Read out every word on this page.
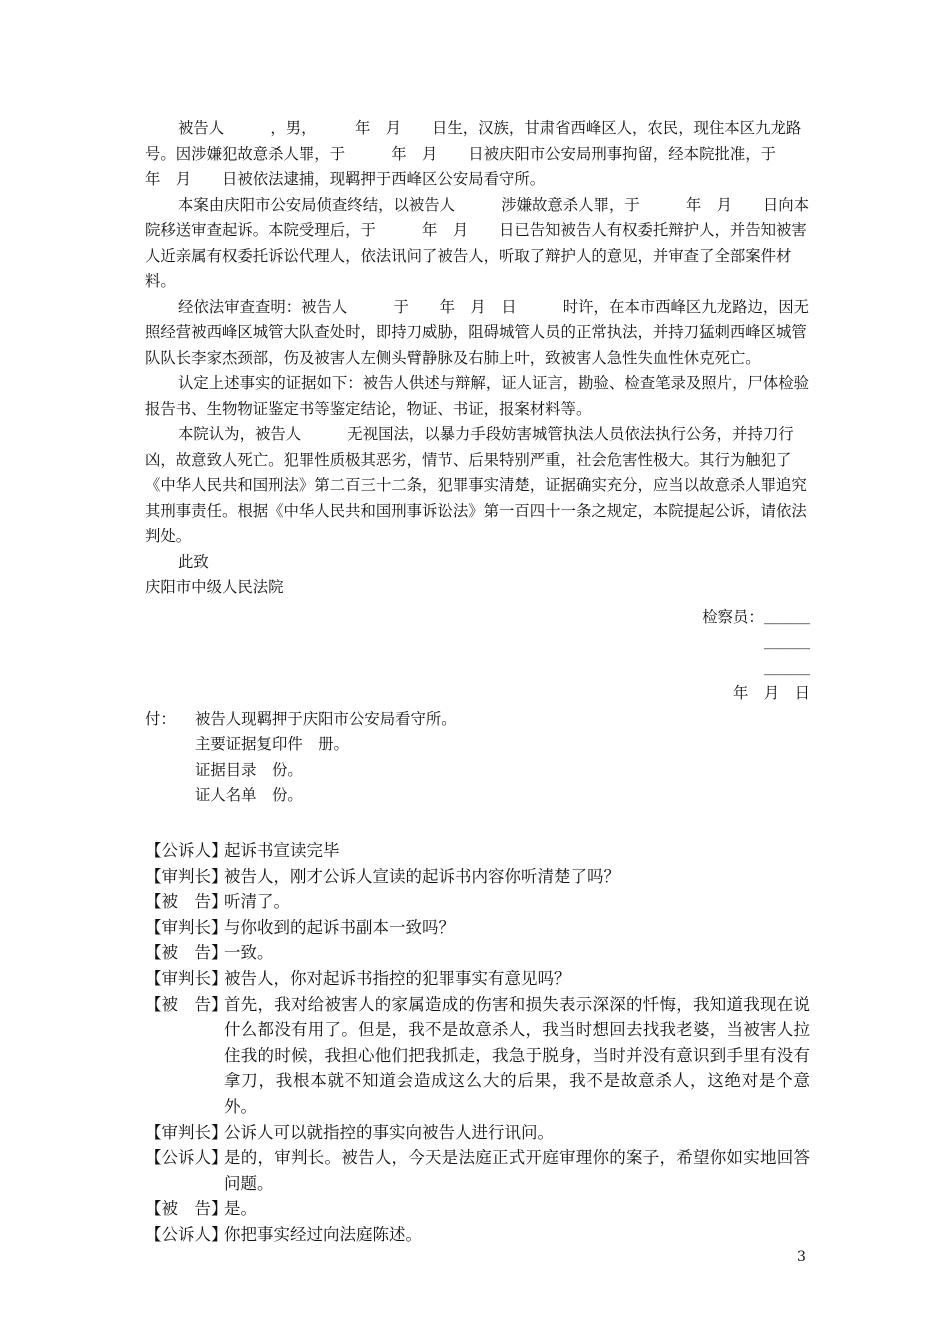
被告人　　　，男，　　　年　月　　日生，汉族，甘肃省西峰区人，农民，现住本区九龙路　　号。因涉嫌犯故意杀人罪，于　　　年　月　　日被庆阳市公安局刑事拘留，经本院批准，于　　　年　月　　日被依法逮捕，现羁押于西峰区公安局看守所。

本案由庆阳市公安局侦查终结，以被告人　　　涉嫌故意杀人罪，于　　　年　月　　日向本院移送审查起诉。本院受理后，于　　　年　月　　日已告知被告人有权委托辩护人，并告知被害人近亲属有权委托诉讼代理人，依法讯问了被告人，听取了辩护人的意见，并审查了全部案件材料。

经依法审查查明：被告人　　　于　　年　月　日　　　时许，在本市西峰区九龙路边，因无照经营被西峰区城管大队查处时，即持刀威胁，阻碍城管人员的正常执法，并持刀猛刺西峰区城管队队长李家杰颈部，伤及被害人左侧头臂静脉及右肺上叶，致被害人急性失血性休克死亡。

认定上述事实的证据如下：被告人供述与辩解，证人证言，勘验、检查笔录及照片，尸体检验报告书、生物物证鉴定书等鉴定结论，物证、书证，报案材料等。

本院认为，被告人　　　无视国法，以暴力手段妨害城管执法人员依法执行公务，并持刀行凶，故意致人死亡。犯罪性质极其恶劣，情节、后果特别严重，社会危害性极大。其行为触犯了《中华人民共和国刑法》第二百三十二条，犯罪事实清楚，证据确实充分，应当以故意杀人罪追究其刑事责任。根据《中华人民共和国刑事诉讼法》第一百四十一条之规定，本院提起公诉，请依法判处。

此致

庆阳市中级人民法院

检察员：＿＿＿

＿＿＿

＿＿＿

年　月　日

付：	被告人现羁押于庆阳市公安局看守所。
主要证据复印件　册。
证据目录　份。
证人名单　份。
【公诉人】
起诉书宣读完毕
【审判长】
被告人，刚才公诉人宣读的起诉书内容你听清楚了吗？
【被　告】
听清了。
【审判长】
与你收到的起诉书副本一致吗？
【被　告】
一致。
【审判长】
被告人，你对起诉书指控的犯罪事实有意见吗？
【被　告】
首先，我对给被害人的家属造成的伤害和损失表示深深的忏悔，我知道我现在说什么都没有用了。但是，我不是故意杀人，我当时想回去找我老婆，当被害人拉住我的时候，我担心他们把我抓走，我急于脱身，当时并没有意识到手里有没有拿刀，我根本就不知道会造成这么大的后果，我不是故意杀人，这绝对是个意外。
【审判长】
公诉人可以就指控的事实向被告人进行讯问。
【公诉人】
是的，审判长。被告人，今天是法庭正式开庭审理你的案子，希望你如实地回答问题。
【被　告】
是。
【公诉人】
你把事实经过向法庭陈述。
3
